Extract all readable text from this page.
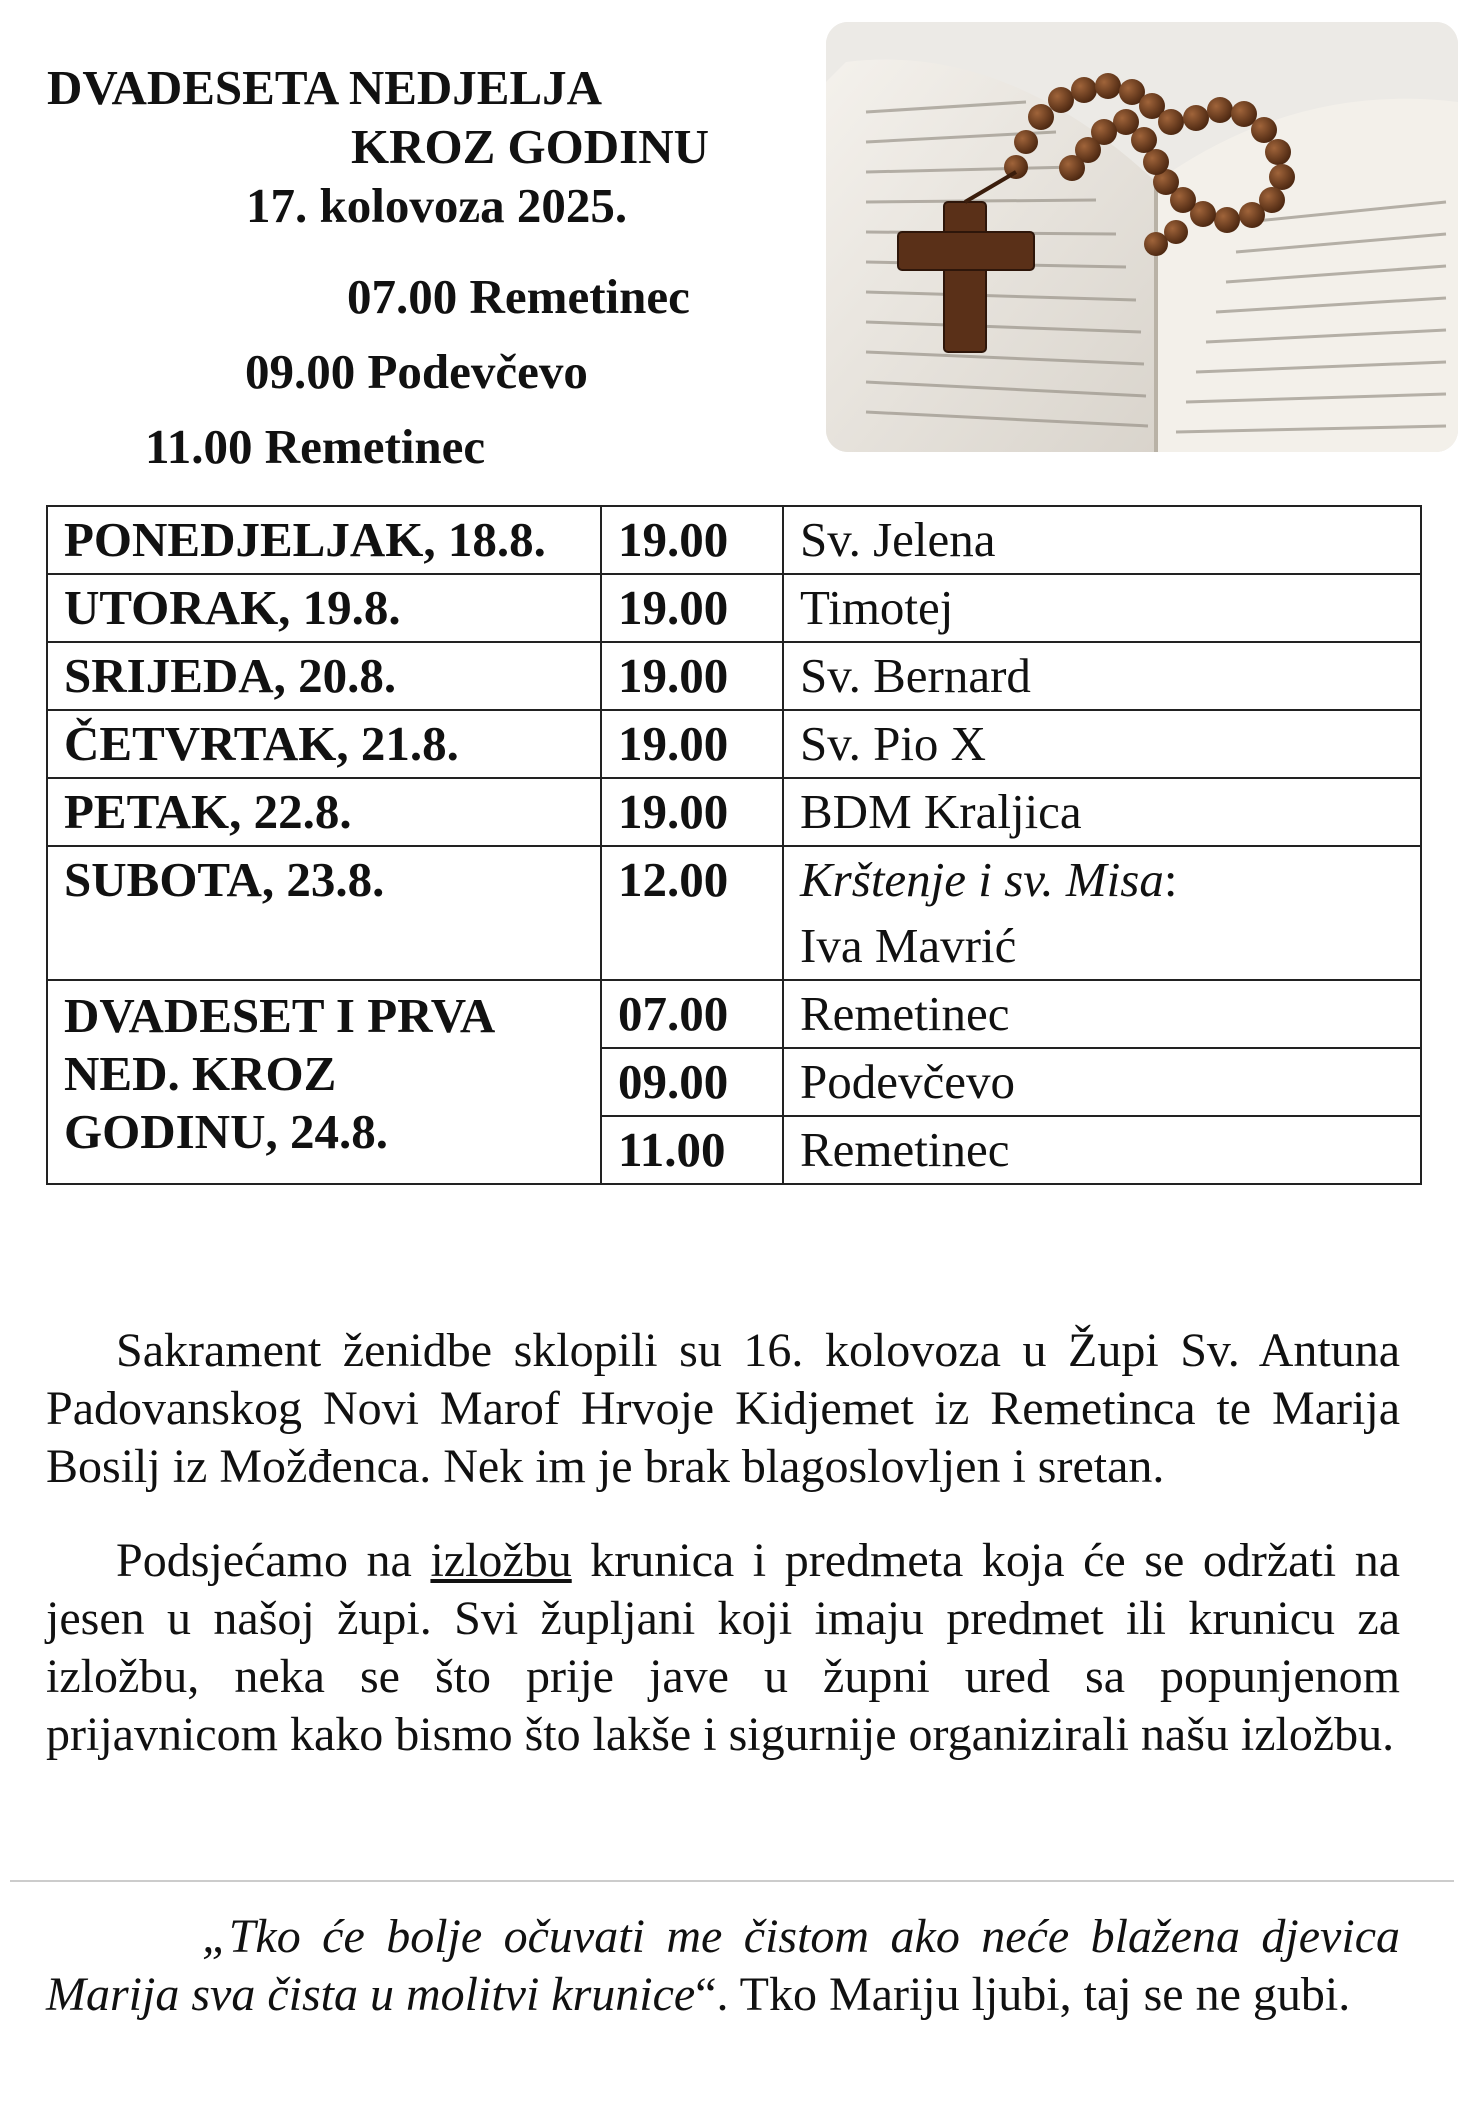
DVADESETA NEDJELJA
KROZ GODINU
17. kolovoza 2025.
07.00 Remetinec
09.00 Podevčevo
11.00 Remetinec
PONEDJELJAK, 18.8.	19.00	Sv. Jelena
UTORAK, 19.8.	19.00	Timotej
SRIJEDA, 20.8.	19.00	Sv. Bernard
ČETVRTAK, 21.8.	19.00	Sv. Pio X
PETAK, 22.8.	19.00	BDM Kraljica
SUBOTA, 23.8.	12.00	Krštenje i sv. Misa:
Iva Mavrić
DVADESET I PRVA
NED. KROZ
GODINU, 24.8.	07.00	Remetinec
	09.00	Podevčevo
	11.00	Remetinec
Sakrament ženidbe sklopili su 16. kolovoza u Župi Sv. Antuna Padovanskog Novi Marof Hrvoje Kidjemet iz Remetinca te Marija Bosilj iz Možđenca. Nek im je brak blagoslovljen i sretan.
Podsjećamo na izložbu krunica i predmeta koja će se održati na jesen u našoj župi. Svi župljani koji imaju predmet ili krunicu za izložbu, neka se što prije jave u župni ured sa popunjenom prijavnicom kako bismo što lakše i sigurnije organizirali našu izložbu.
„Tko će bolje očuvati me čistom ako neće blažena djevica Marija sva čista u molitvi krunice“. Tko Mariju ljubi, taj se ne gubi.
